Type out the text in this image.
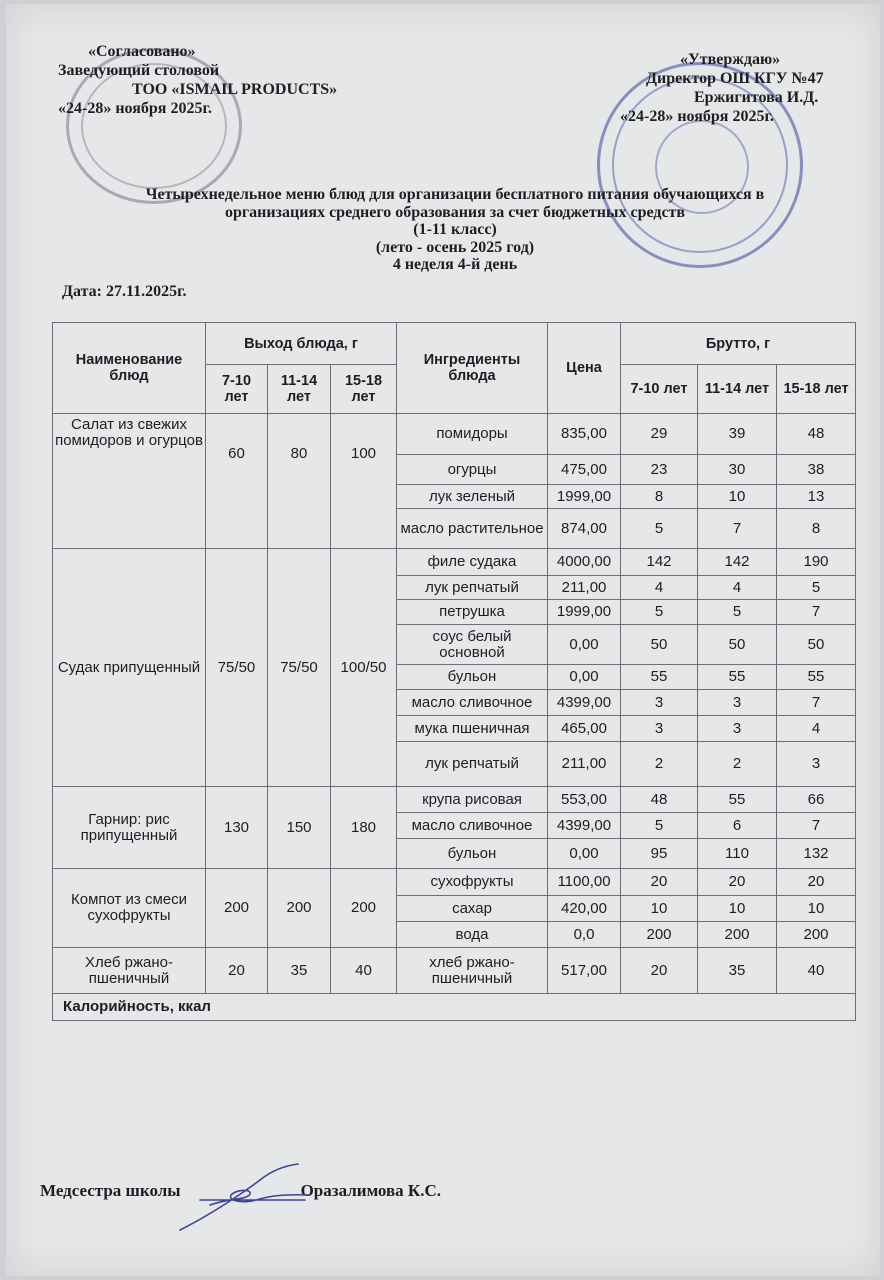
«Согласовано»
Заведующий столовой
ТОО «ISMAIL PRODUCTS»
«24-28» ноября 2025г.
«Утверждаю»
Директор ОШ КГУ №47
Ержигитова И.Д.
«24-28» ноября 2025г.
Четырехнедельное меню блюд для организации бесплатного питания обучающихся в
организациях среднего образования за счет бюджетных средств
(1-11 класс)
(лето - осень 2025 год)
4 неделя 4-й день
Дата: 27.11.2025г.
Наименование блюд	Выход блюда, г			Ингредиенты блюда	Цена	Брутто, г		
	7-10 лет	11-14 лет	15-18 лет			7-10 лет	11-14 лет	15-18 лет
Салат из свежих помидоров и огурцов	60	80	100	помидоры	835,00	29	39	48
				огурцы	475,00	23	30	38
				лук зеленый	1999,00	8	10	13
				масло растительное	874,00	5	7	8
Судак припущенный	75/50	75/50	100/50	филе судака	4000,00	142	142	190
				лук репчатый	211,00	4	4	5
				петрушка	1999,00	5	5	7
				соус белый основной	0,00	50	50	50
				бульон	0,00	55	55	55
				масло сливочное	4399,00	3	3	7
				мука пшеничная	465,00	3	3	4
				лук репчатый	211,00	2	2	3
Гарнир: рис припущенный	130	150	180	крупа рисовая	553,00	48	55	66
				масло сливочное	4399,00	5	6	7
				бульон	0,00	95	110	132
Компот из смеси сухофрукты	200	200	200	сухофрукты	1100,00	20	20	20
				сахар	420,00	10	10	10
				вода	0,0	200	200	200
Хлеб ржано-пшеничный	20	35	40	хлеб ржано-пшеничный	517,00	20	35	40
Калорийность, ккал								
Медсестра школы	Оразалимова К.С.
